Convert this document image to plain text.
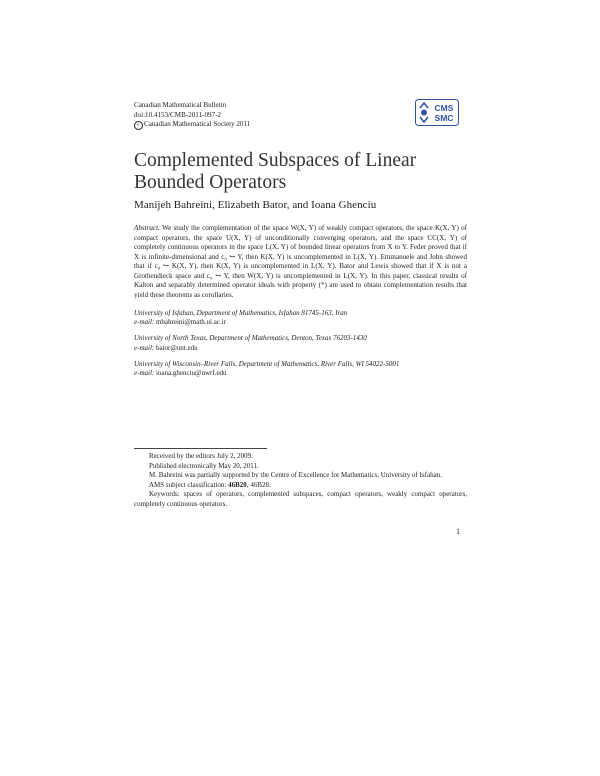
Canadian Mathematical Bulletin
doi:10.4153/CMB-2011-097-2
c Canadian Mathematical Society 2011
CMS
SMC
Complemented Subspaces of Linear
Bounded Operators
Manijeh Bahreini, Elizabeth Bator, and Ioana Ghenciu
Abstract. We study the complementation of the space W(X, Y) of weakly compact operators, the space K(X, Y) of compact operators, the space U(X, Y) of unconditionally converging operators, and the space CC(X, Y) of completely continuous operators in the space L(X, Y) of bounded linear operators from X to Y. Feder proved that if X is infinite-dimensional and c₀ ↪ Y, then K(X, Y) is uncomplemented in L(X, Y). Emmanuele and John showed that if c₀ ↪ K(X, Y), then K(X, Y) is uncomplemented in L(X, Y). Bator and Lewis showed that if X is not a Grothendieck space and c₀ ↪ Y, then W(X, Y) is uncomplemented in L(X, Y). In this paper, classical results of Kalton and separably determined operator ideals with property (*) are used to obtain complementation results that yield these theorems as corollaries.
University of Isfahan, Department of Mathematics, Isfahan 81745-163, Iran
e-mail: mbahreini@math.ui.ac.ir
University of North Texas, Department of Mathematics, Denton, Texas 76203-1430
e-mail: bator@unt.edu
University of Wisconsin–River Falls, Department of Mathematics, River Falls, WI 54022-5001
e-mail: ioana.ghenciu@uwrf.edu
Received by the editors July 2, 2009.
Published electronically May 20, 2011.
M. Bahreini was partially supported by the Centre of Excellence for Mathematics, University of Isfahan.
AMS subject classification: 46B20, 46B28.
Keywords: spaces of operators, complemented subspaces, compact operators, weakly compact operators, completely continuous operators.
1
